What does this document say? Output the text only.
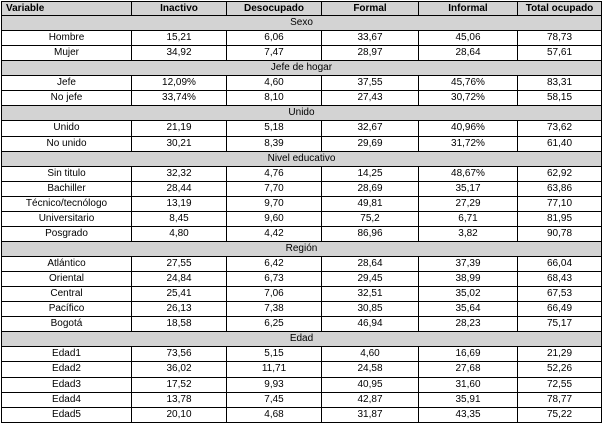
Variable	Inactivo	Desocupado	Formal	Informal	Total ocupado
Sexo					
Hombre	15,21	6,06	33,67	45,06	78,73
Mujer	34,92	7,47	28,97	28,64	57,61
Jefe de hogar					
Jefe	12,09%	4,60	37,55	45,76%	83,31
No jefe	33,74%	8,10	27,43	30,72%	58,15
Unido					
Unido	21,19	5,18	32,67	40,96%	73,62
No unido	30,21	8,39	29,69	31,72%	61,40
Nivel educativo					
Sin titulo	32,32	4,76	14,25	48,67%	62,92
Bachiller	28,44	7,70	28,69	35,17	63,86
Técnico/tecnólogo	13,19	9,70	49,81	27,29	77,10
Universitario	8,45	9,60	75,2	6,71	81,95
Posgrado	4,80	4,42	86,96	3,82	90,78
Región					
Atlántico	27,55	6,42	28,64	37,39	66,04
Oriental	24,84	6,73	29,45	38,99	68,43
Central	25,41	7,06	32,51	35,02	67,53
Pacífico	26,13	7,38	30,85	35,64	66,49
Bogotá	18,58	6,25	46,94	28,23	75,17
Edad					
Edad1	73,56	5,15	4,60	16,69	21,29
Edad2	36,02	11,71	24,58	27,68	52,26
Edad3	17,52	9,93	40,95	31,60	72,55
Edad4	13,78	7,45	42,87	35,91	78,77
Edad5	20,10	4,68	31,87	43,35	75,22
